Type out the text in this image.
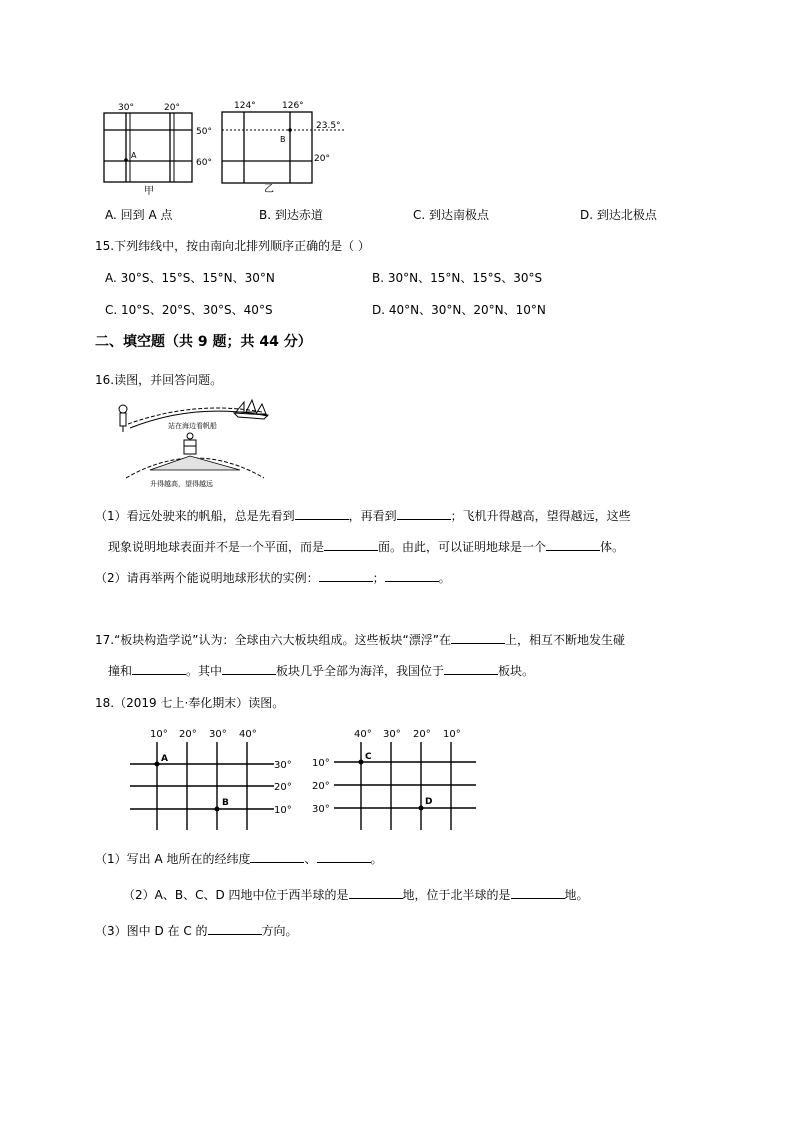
30°	20°
A
50°
60°
甲
124°	126°
B
23.5°
20°
乙
A. 回到 A 点	B. 到达赤道	C. 到达南极点	D. 到达北极点
15.下列纬线中，按由南向北排列顺序正确的是（ ）
A. 30°S、15°S、15°N、30°N	B. 30°N、15°N、15°S、30°S
C. 10°S、20°S、30°S、40°S	D. 40°N、30°N、20°N、10°N
二、填空题（共 9 题；共 44 分）
16.读图，并回答问题。
站在海边看帆船
升得越高，望得越远
（1）看远处驶来的帆船，总是先看到	，再看到	；飞机升得越高，望得越远，这些
现象说明地球表面并不是一个平面，而是	面。由此，可以证明地球是一个	体。
（2）请再举两个能说明地球形状的实例：	；	。
17.“板块构造学说”认为：全球由六大板块组成。这些板块“漂浮”在	上，相互不断地发生碰
撞和	。其中	板块几乎全部为海洋，我国位于	板块。
18.（2019 七上·奉化期末）读图。
10° 20° 30° 40°
A
B
30°
20°
10°
40° 30° 20° 10°
C
D
10°
20°
30°
（1）写出 A 地所在的经纬度	、	。
（2）A、B、C、D 四地中位于西半球的是	地，位于北半球的是	地。
（3）图中 D 在 C 的	方向。
